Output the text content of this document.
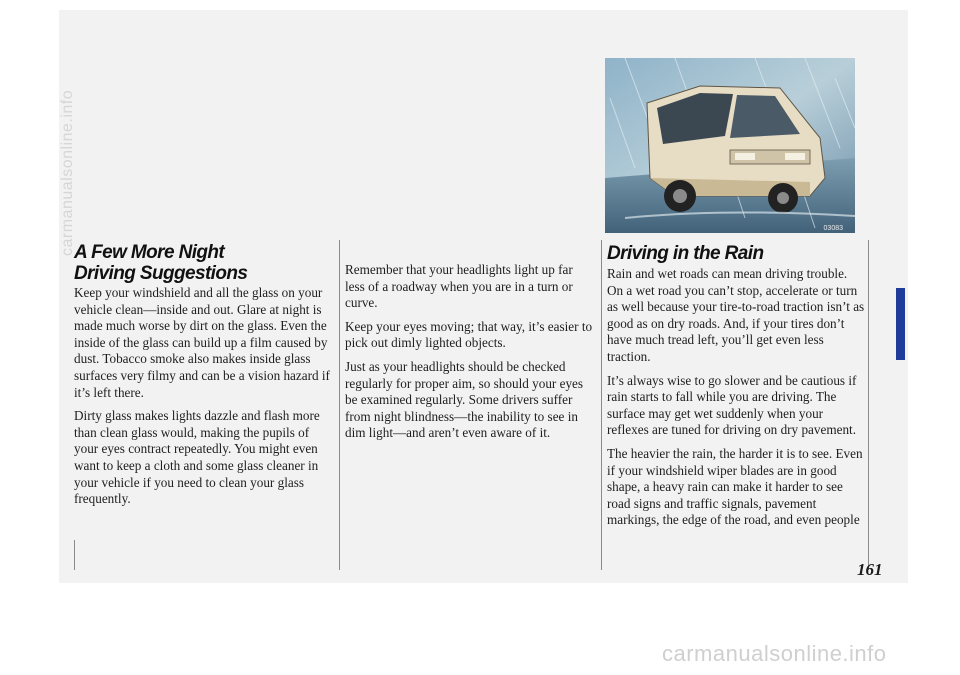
A Few More Night Driving Suggestions

Keep your windshield and all the glass on your vehicle clean—inside and out. Glare at night is made much worse by dirt on the glass. Even the inside of the glass can build up a film caused by dust. Tobacco smoke also makes inside glass surfaces very filmy and can be a vision hazard if it’s left there.

Dirty glass makes lights dazzle and flash more than clean glass would, making the pupils of your eyes contract repeatedly. You might even want to keep a cloth and some glass cleaner in your vehicle if you need to clean your glass frequently.

Remember that your headlights light up far less of a roadway when you are in a turn or curve.

Keep your eyes moving; that way, it’s easier to pick out dimly lighted objects.

Just as your headlights should be checked regularly for proper aim, so should your eyes be examined regularly. Some drivers suffer from night blindness—the inability to see in dim light—and aren’t even aware of it.

03083
Driving in the Rain

Rain and wet roads can mean driving trouble. On a wet road you can’t stop, accelerate or turn as well because your tire-to-road traction isn’t as good as on dry roads. And, if your tires don’t have much tread left, you’ll get even less traction.

It’s always wise to go slower and be cautious if rain starts to fall while you are driving. The surface may get wet suddenly when your reflexes are tuned for driving on dry pavement.

The heavier the rain, the harder it is to see. Even if your windshield wiper blades are in good shape, a heavy rain can make it harder to see road signs and traffic signals, pavement markings, the edge of the road, and even people

161
carmanualsonline.info
carmanualsonline.info
